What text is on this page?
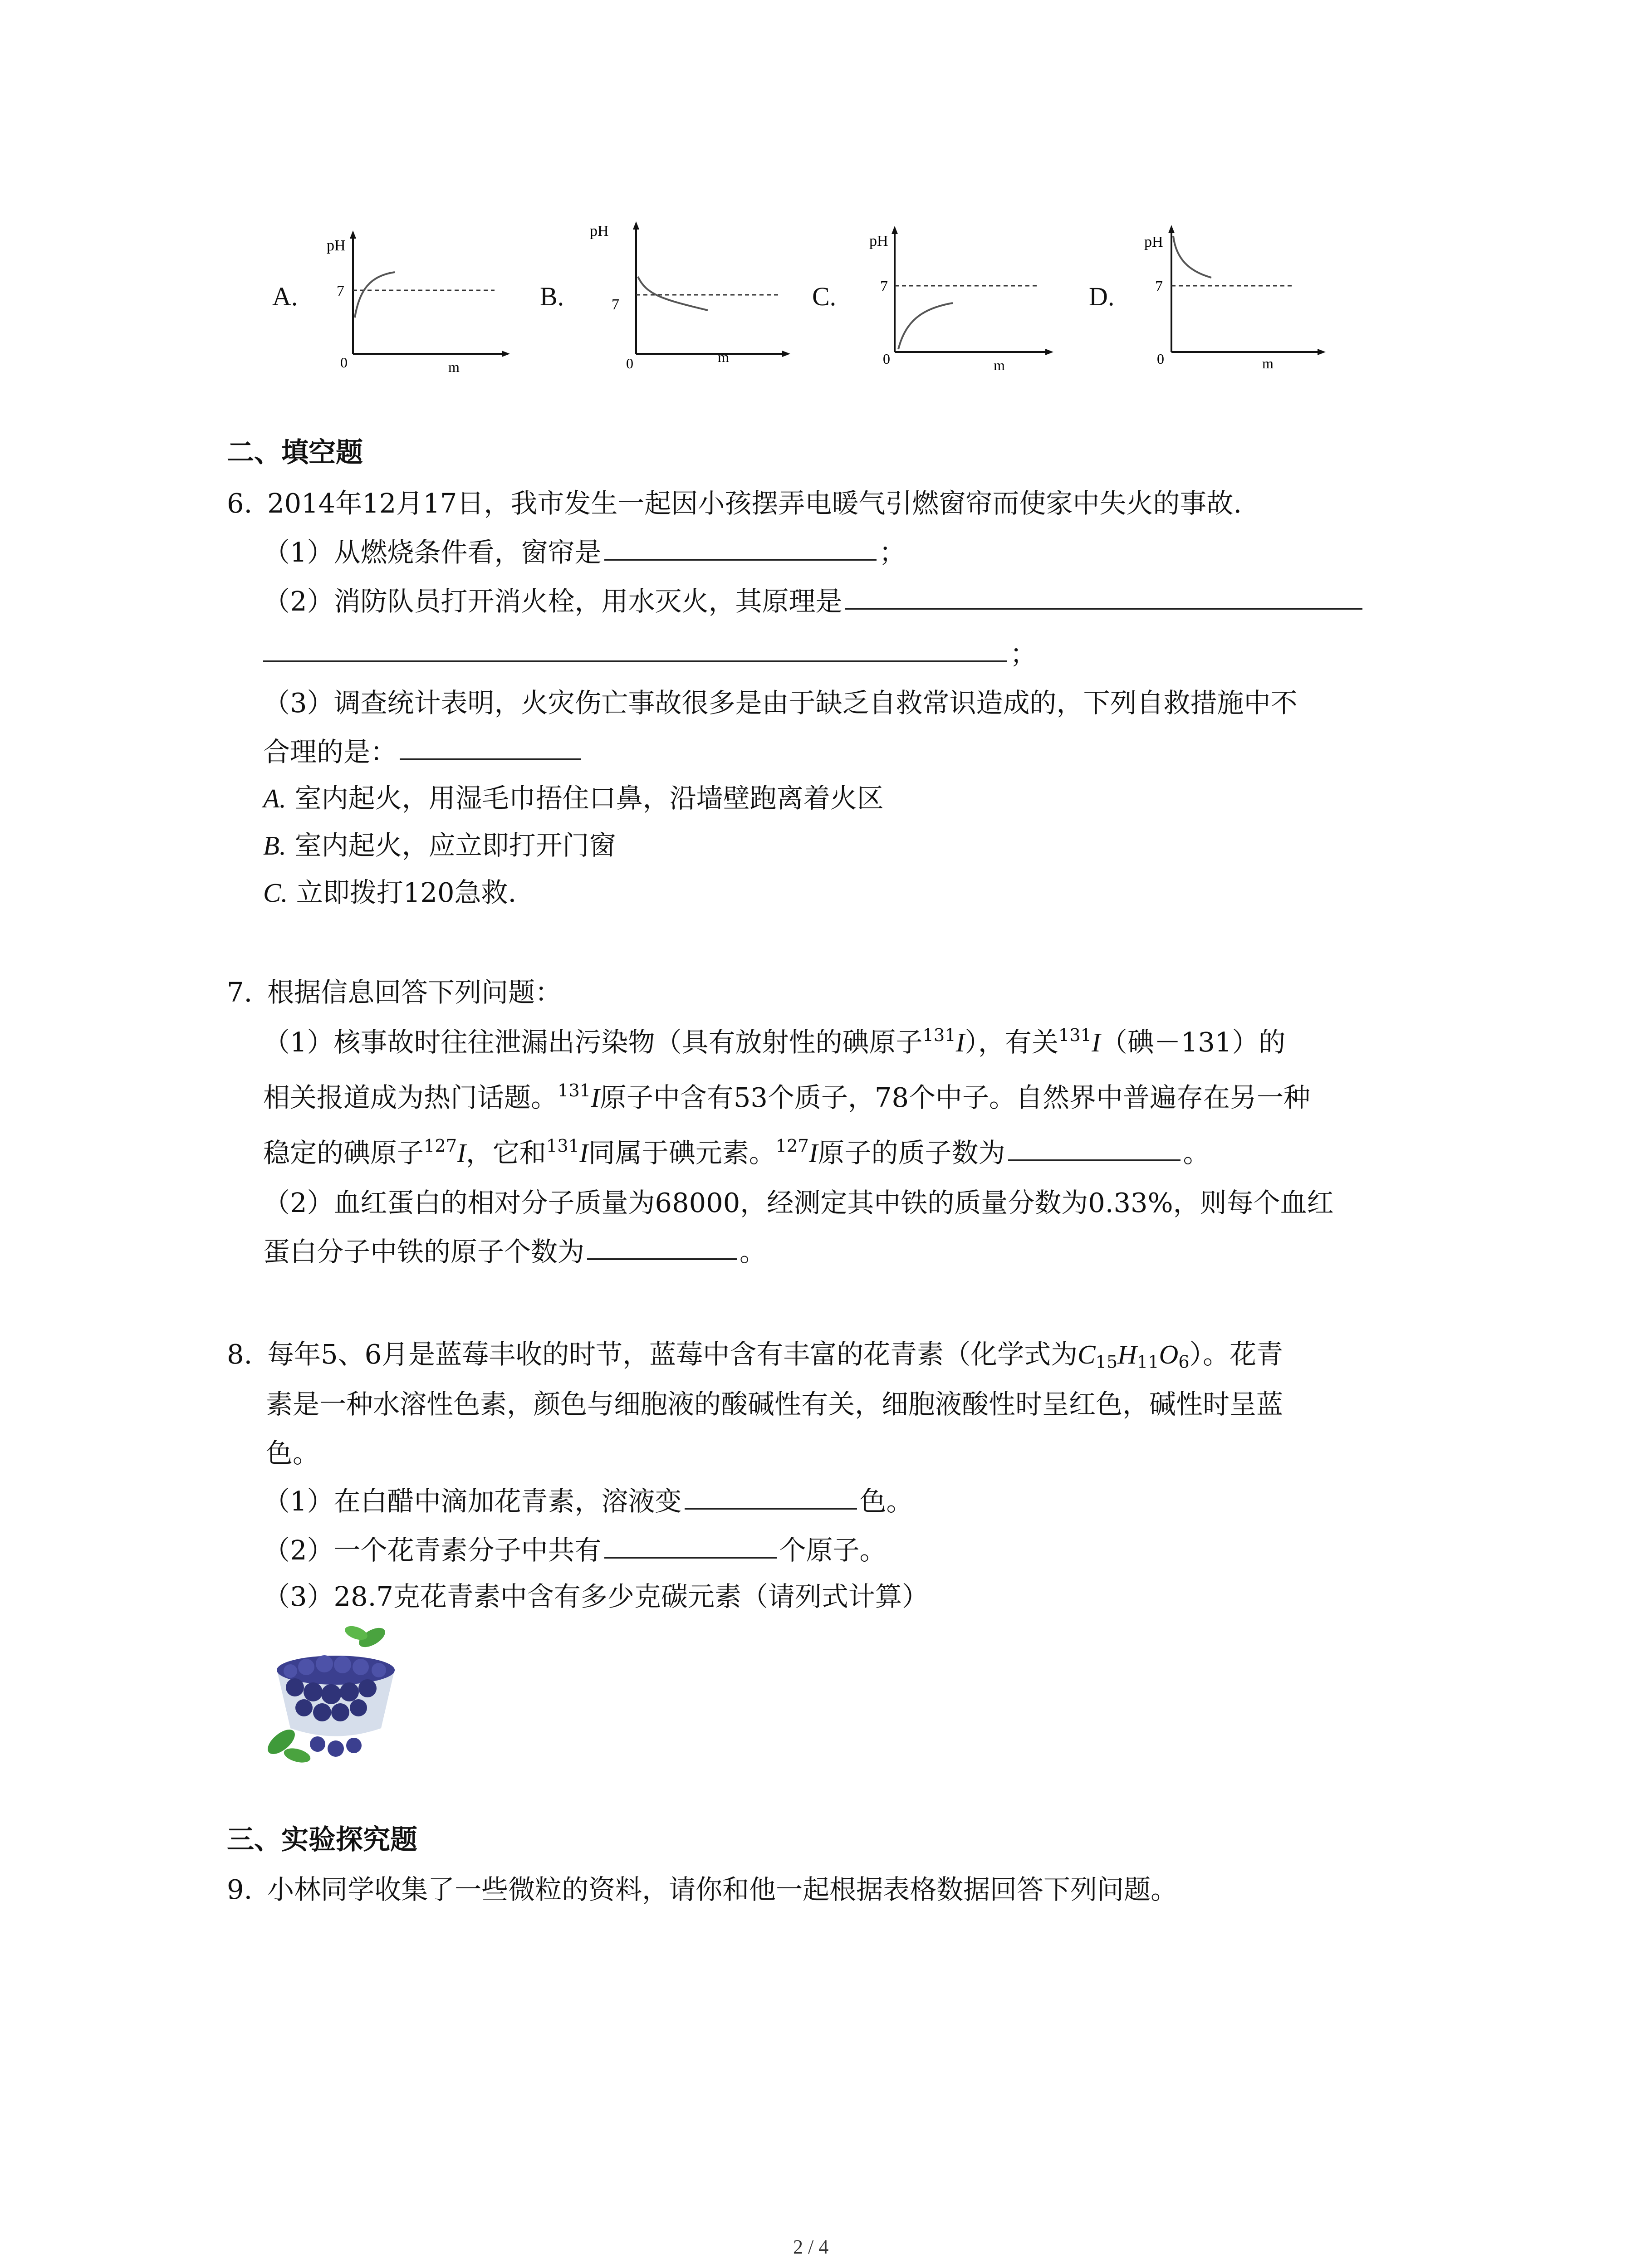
A.
pH
7
0	m
B.
pH
7
0	m
C.
pH
7
0	m
D.
pH
7
0	m
二、填空题
6. 2014年12月17日，我市发生一起因小孩摆弄电暖气引燃窗帘而使家中失火的事故.
（1）从燃烧条件看，窗帘是	；
（2）消防队员打开消火栓，用水灭火，其原理是
；
（3）调查统计表明，火灾伤亡事故很多是由于缺乏自救常识造成的，下列自救措施中不
合理的是：
A. 室内起火，用湿毛巾捂住口鼻，沿墙壁跑离着火区
B. 室内起火，应立即打开门窗
C. 立即拨打120急救.
7. 根据信息回答下列问题：
（1）核事故时往往泄漏出污染物（具有放射性的碘原子$^{131}$I），有关$^{131}$I（碘－131）的
相关报道成为热门话题。$^{131}$I原子中含有53个质子，78个中子。自然界中普遍存在另一种
稳定的碘原子$^{127}$I，它和$^{131}$I同属于碘元素。$^{127}$I原子的质子数为	。
（2）血红蛋白的相对分子质量为68000，经测定其中铁的质量分数为0.33%，则每个血红
蛋白分子中铁的原子个数为	。
8. 每年5、6月是蓝莓丰收的时节，蓝莓中含有丰富的花青素（化学式为$C_{15}H_{11}O_6$）。花青
素是一种水溶性色素，颜色与细胞液的酸碱性有关，细胞液酸性时呈红色，碱性时呈蓝
色。
（1）在白醋中滴加花青素，溶液变	色。
（2）一个花青素分子中共有	个原子。
（3）28.7克花青素中含有多少克碳元素（请列式计算）
三、实验探究题
9. 小林同学收集了一些微粒的资料，请你和他一起根据表格数据回答下列问题。
2 / 4
